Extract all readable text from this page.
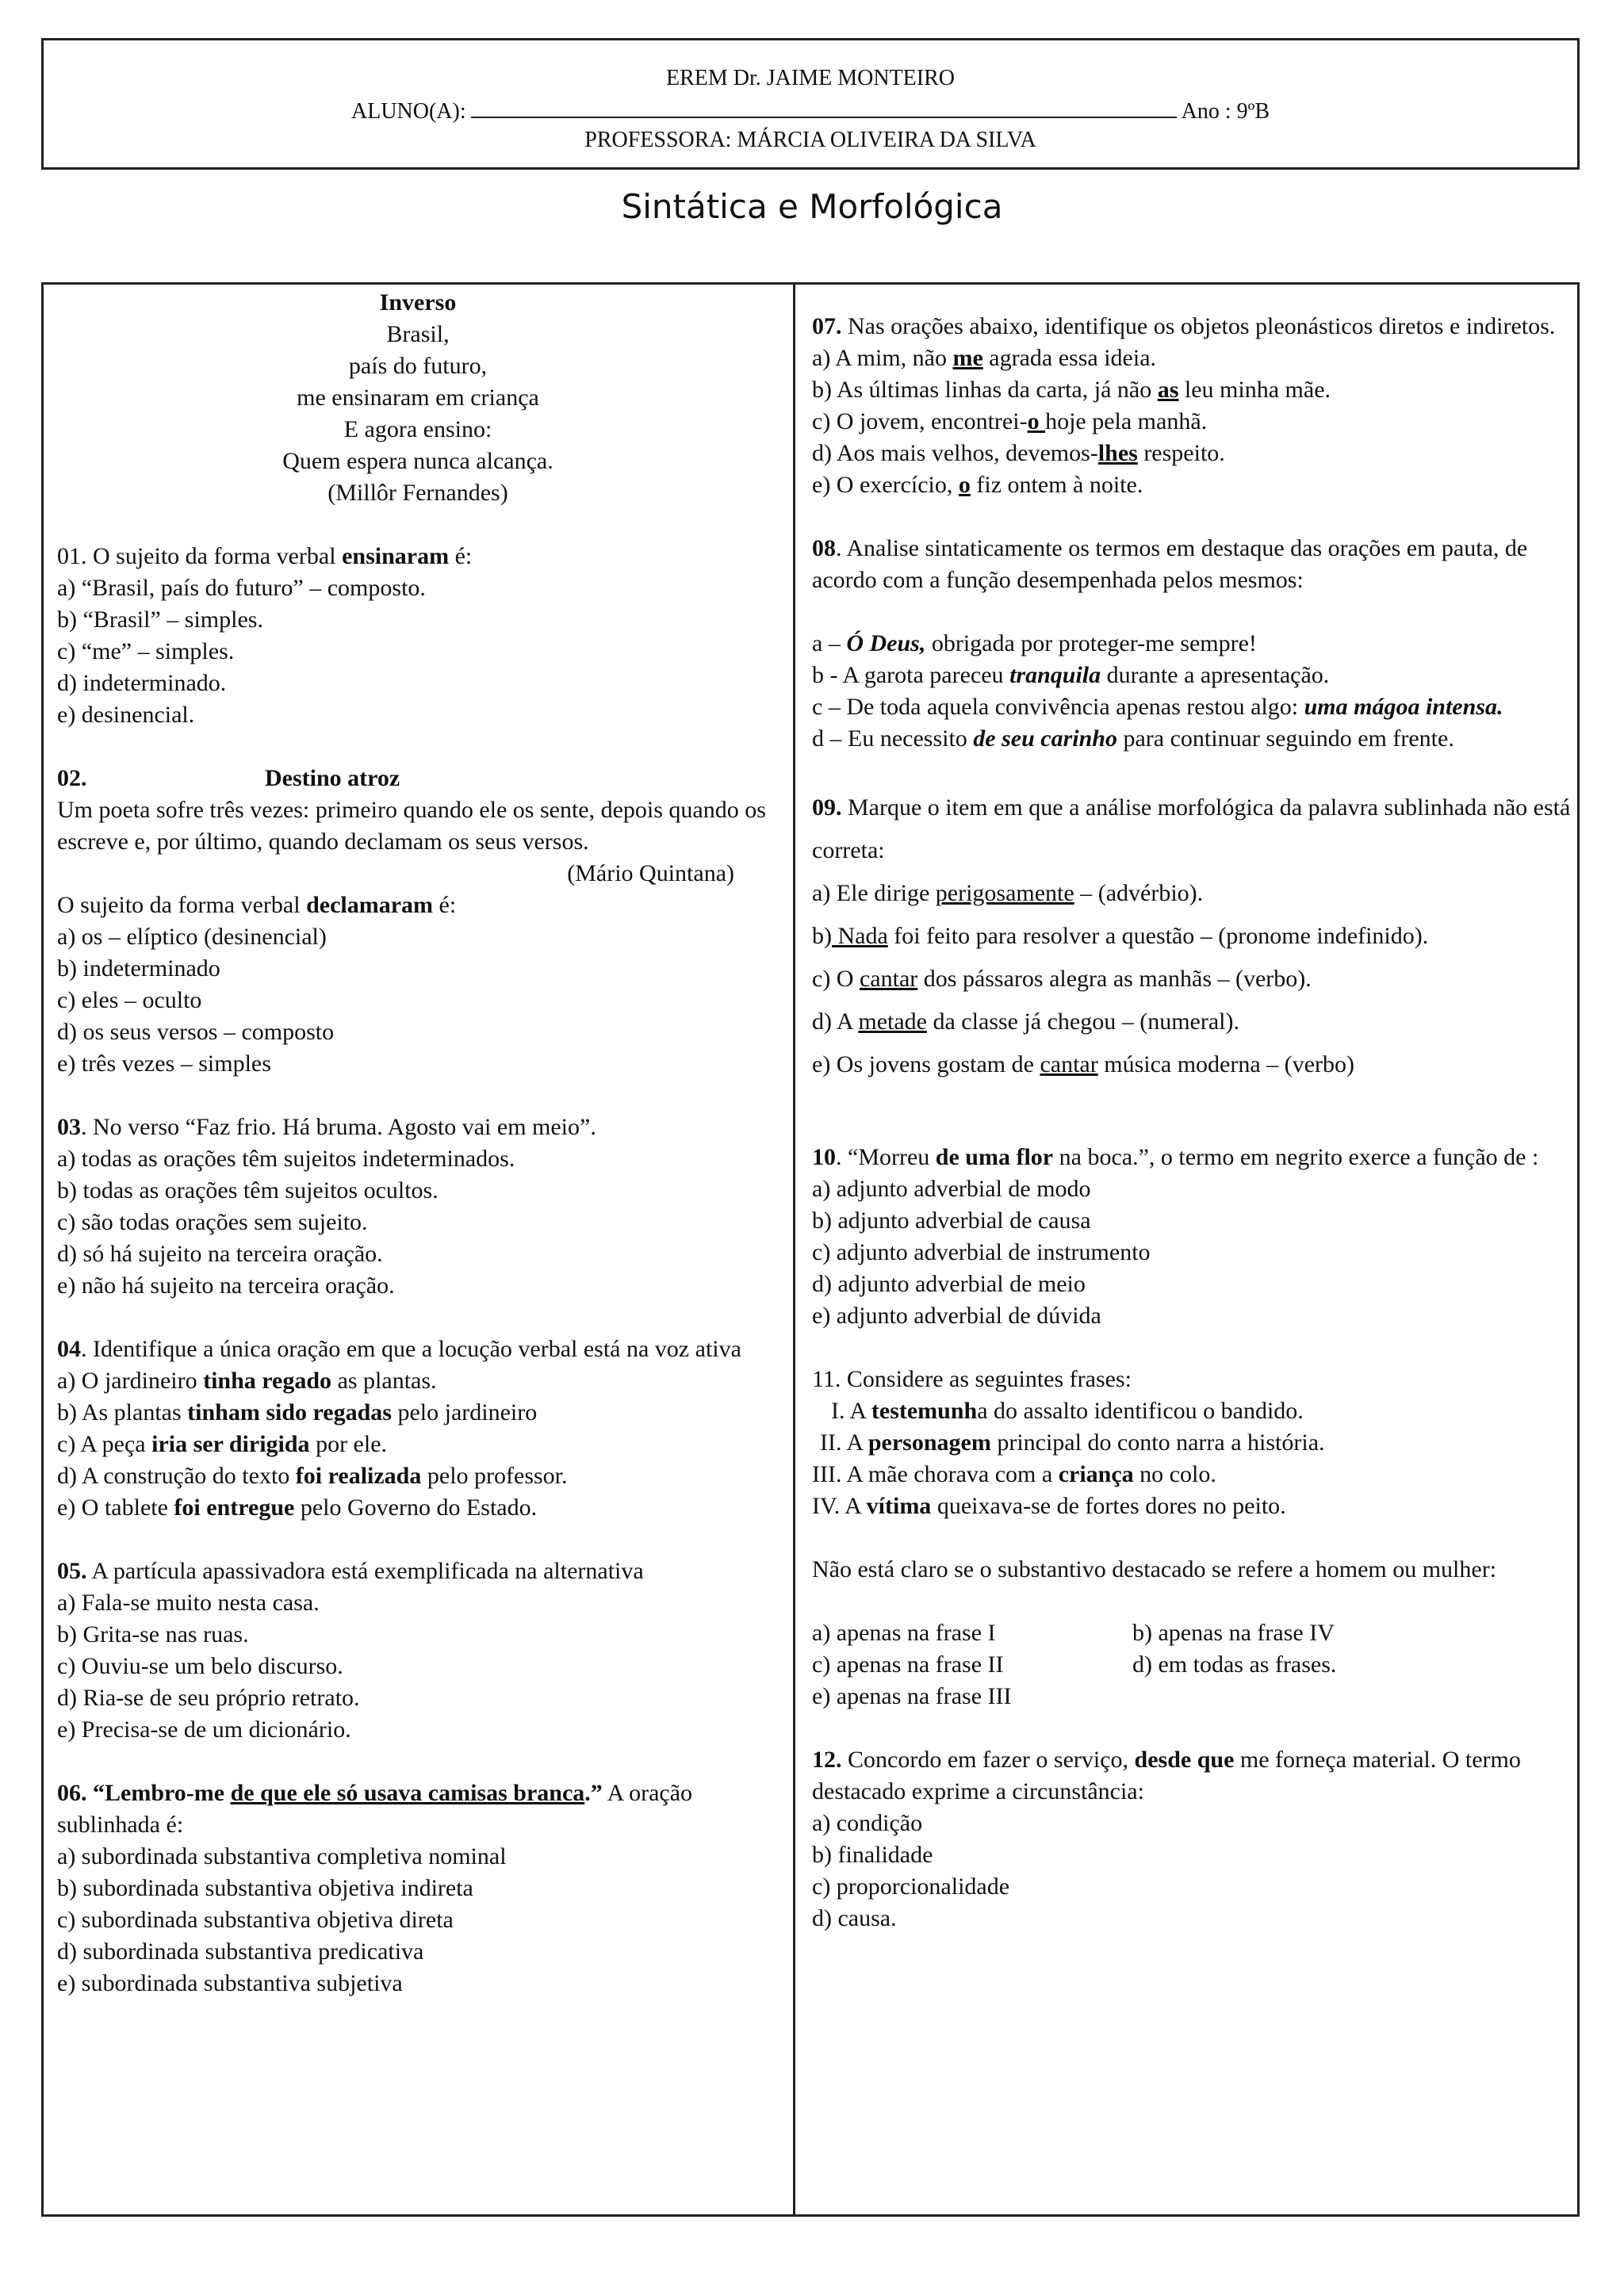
EREM Dr. JAIME MONTEIRO
ALUNO(A):	Ano : 9ºB
PROFESSORA: MÁRCIA OLIVEIRA DA SILVA
Sintática e Morfológica
Inverso
Brasil,
país do futuro,
me ensinaram em criança
E agora ensino:
Quem espera nunca alcança.
(Millôr Fernandes)
01. O sujeito da forma verbal ensinaram é:
a) “Brasil, país do futuro” – composto.
b) “Brasil” – simples.
c) “me” – simples.
d) indeterminado.
e) desinencial.
02.	Destino atroz

Um poeta sofre três vezes: primeiro quando ele os sente, depois quando os escreve e, por último, quando declamam os seus versos.
(Mário Quintana)
O sujeito da forma verbal declamaram é:
a) os – elíptico (desinencial)
b) indeterminado
c) eles – oculto
d) os seus versos – composto
e) três vezes – simples
03. No verso “Faz frio. Há bruma. Agosto vai em meio”.
a) todas as orações têm sujeitos indeterminados.
b) todas as orações têm sujeitos ocultos.
c) são todas orações sem sujeito.
d) só há sujeito na terceira oração.
e) não há sujeito na terceira oração.
04. Identifique a única oração em que a locução verbal está na voz ativa
a) O jardineiro tinha regado as plantas.
b) As plantas tinham sido regadas pelo jardineiro
c) A peça iria ser dirigida por ele.
d) A construção do texto foi realizada pelo professor.
e) O tablete foi entregue pelo Governo do Estado.
05. A partícula apassivadora está exemplificada na alternativa
a) Fala-se muito nesta casa.
b) Grita-se nas ruas.
c) Ouviu-se um belo discurso.
d) Ria-se de seu próprio retrato.
e) Precisa-se de um dicionário.
06. “Lembro-me de que ele só usava camisas branca.” A oração sublinhada é:
a) subordinada substantiva completiva nominal
b) subordinada substantiva objetiva indireta
c) subordinada substantiva objetiva direta
d) subordinada substantiva predicativa
e) subordinada substantiva subjetiva
07. Nas orações abaixo, identifique os objetos pleonásticos diretos e indiretos.
a) A mim, não me agrada essa ideia.
b) As últimas linhas da carta, já não as leu minha mãe.
c) O jovem, encontrei-o hoje pela manhã.
d) Aos mais velhos, devemos-lhes respeito.
e) O exercício, o fiz ontem à noite.
08. Analise sintaticamente os termos em destaque das orações em pauta, de acordo com a função desempenhada pelos mesmos:
a – Ó Deus, obrigada por proteger-me sempre!
b - A garota pareceu tranquila durante a apresentação.
c – De toda aquela convivência apenas restou algo: uma mágoa intensa.
d – Eu necessito de seu carinho para continuar seguindo em frente.
09. Marque o item em que a análise morfológica da palavra sublinhada não está correta:
a) Ele dirige perigosamente – (advérbio).
b) Nada foi feito para resolver a questão – (pronome indefinido).
c) O cantar dos pássaros alegra as manhãs – (verbo).
d) A metade da classe já chegou – (numeral).
e) Os jovens gostam de cantar música moderna – (verbo)
10. “Morreu de uma flor na boca.”, o termo em negrito exerce a função de :
a) adjunto adverbial de modo
b) adjunto adverbial de causa
c) adjunto adverbial de instrumento
d) adjunto adverbial de meio
e) adjunto adverbial de dúvida
11. Considere as seguintes frases:
I. A testemunha do assalto identificou o bandido.
II. A personagem principal do conto narra a história.
III. A mãe chorava com a criança no colo.
IV. A vítima queixava-se de fortes dores no peito.
Não está claro se o substantivo destacado se refere a homem ou mulher:
a) apenas na frase I	b) apenas na frase IV
c) apenas na frase II	d) em todas as frases.
e) apenas na frase III
12. Concordo em fazer o serviço, desde que me forneça material. O termo destacado exprime a circunstância:
a) condição
b) finalidade
c) proporcionalidade
d) causa.
